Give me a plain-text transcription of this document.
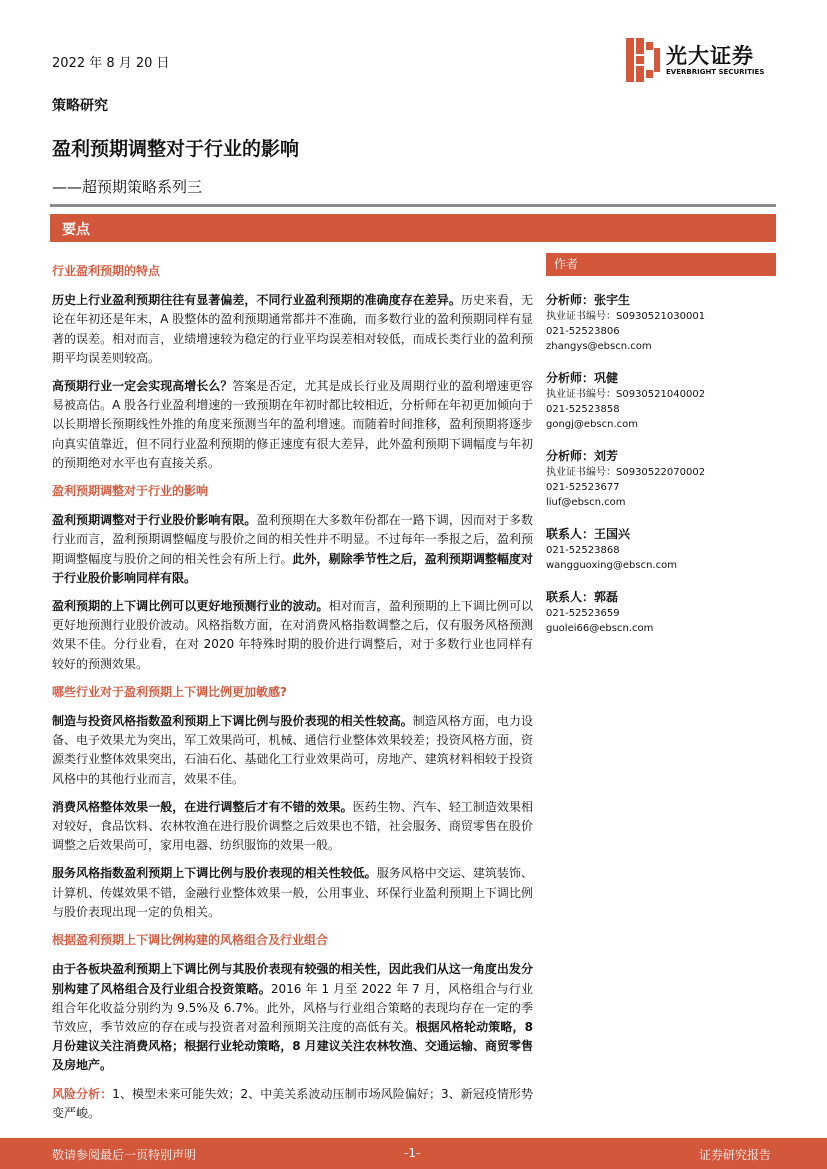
2022 年 8 月 20 日	光大证券
EVERBRIGHT SECURITIES
策略研究
盈利预期调整对于行业的影响
——超预期策略系列三
要点
行业盈利预期的特点

历史上行业盈利预期往往有显著偏差，不同行业盈利预期的准确度存在差异。历史来看，无论在年初还是年末，A 股整体的盈利预期通常都并不准确，而多数行业的盈利预期同样有显著的误差。相对而言，业绩增速较为稳定的行业平均误差相对较低，而成长类行业的盈利预期平均误差则较高。

高预期行业一定会实现高增长么？答案是否定，尤其是成长行业及周期行业的盈利增速更容易被高估。A 股各行业盈利增速的一致预期在年初时都比较相近，分析师在年初更加倾向于以长期增长预期线性外推的角度来预测当年的盈利增速。而随着时间推移，盈利预期将逐步向真实值靠近，但不同行业盈利预期的修正速度有很大差异，此外盈利预期下调幅度与年初的预期绝对水平也有直接关系。

盈利预期调整对于行业的影响

盈利预期调整对于行业股价影响有限。盈利预期在大多数年份都在一路下调，因而对于多数行业而言，盈利预期调整幅度与股价之间的相关性并不明显。不过每年一季报之后，盈利预期调整幅度与股价之间的相关性会有所上行。此外，剔除季节性之后，盈利预期调整幅度对于行业股价影响同样有限。

盈利预期的上下调比例可以更好地预测行业的波动。相对而言，盈利预期的上下调比例可以更好地预测行业股价波动。风格指数方面，在对消费风格指数调整之后，仅有服务风格预测效果不佳。分行业看，在对 2020 年特殊时期的股价进行调整后，对于多数行业也同样有较好的预测效果。

哪些行业对于盈利预期上下调比例更加敏感?

制造与投资风格指数盈利预期上下调比例与股价表现的相关性较高。制造风格方面，电力设备、电子效果尤为突出，军工效果尚可，机械、通信行业整体效果较差；投资风格方面，资源类行业整体效果突出，石油石化、基础化工行业效果尚可，房地产、建筑材料相较于投资风格中的其他行业而言，效果不佳。

消费风格整体效果一般，在进行调整后才有不错的效果。医药生物、汽车、轻工制造效果相对较好，食品饮料、农林牧渔在进行股价调整之后效果也不错，社会服务、商贸零售在股价调整之后效果尚可，家用电器、纺织服饰的效果一般。

服务风格指数盈利预期上下调比例与股价表现的相关性较低。服务风格中交运、建筑装饰、计算机、传媒效果不错，金融行业整体效果一般，公用事业、环保行业盈利预期上下调比例与股价表现出现一定的负相关。

根据盈利预期上下调比例构建的风格组合及行业组合

由于各板块盈利预期上下调比例与其股价表现有较强的相关性，因此我们从这一角度出发分别构建了风格组合及行业组合投资策略。2016 年 1 月至 2022 年 7 月，风格组合与行业组合年化收益分别约为 9.5%及 6.7%。此外，风格与行业组合策略的表现均存在一定的季节效应，季节效应的存在或与投资者对盈利预期关注度的高低有关。根据风格轮动策略，8 月份建议关注消费风格；根据行业轮动策略，8 月建议关注农林牧渔、交通运输、商贸零售及房地产。

风险分析：1、模型未来可能失效；2、中美关系波动压制市场风险偏好；3、新冠疫情形势变严峻。

作者
分析师：张宇生
执业证书编号：S0930521030001
021-52523806
zhangys@ebscn.com
分析师：巩健
执业证书编号：S0930521040002
021-52523858
gongj@ebscn.com
分析师：刘芳
执业证书编号：S0930522070002
021-52523677
liuf@ebscn.com
联系人：王国兴
021-52523868
wangguoxing@ebscn.com
联系人：郭磊
021-52523659
guolei66@ebscn.com
敬请参阅最后一页特别声明	-1-	证券研究报告
